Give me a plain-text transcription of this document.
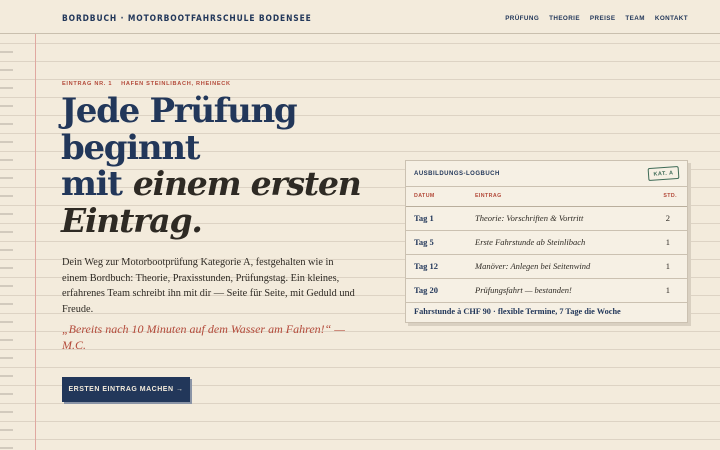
BORDBUCH · MOTORBOOTFAHRSCHULE BODENSEE	PRÜFUNG THEORIE PREISE TEAM KONTAKT
EINTRAG NR. 1    HAFEN STEINLIBACH, RHEINECK
Jede Prüfung
beginnt
mit einem ersten
Eintrag.

Dein Weg zur Motorbootprüfung Kategorie A, festgehalten wie in einem Bordbuch: Theorie, Praxisstunden, Prüfungstag. Ein kleines, erfahrenes Team schreibt ihn mit dir — Seite für Seite, mit Geduld und Freude.

„Bereits nach 10 Minuten auf dem Wasser am Fahren!“ — M.C.

ERSTEN EINTRAG MACHEN →
AUSBILDUNGS-LOGBUCH	KAT. A
DATUM	EINTRAG	STD.
Tag 1	Theorie: Vorschriften & Vortritt	2
Tag 5	Erste Fahrstunde ab Steinlibach	1
Tag 12	Manöver: Anlegen bei Seitenwind	1
Tag 20	Prüfungsfahrt — bestanden!	1
Fahrstunde à CHF 90 · flexible Termine, 7 Tage die Woche
